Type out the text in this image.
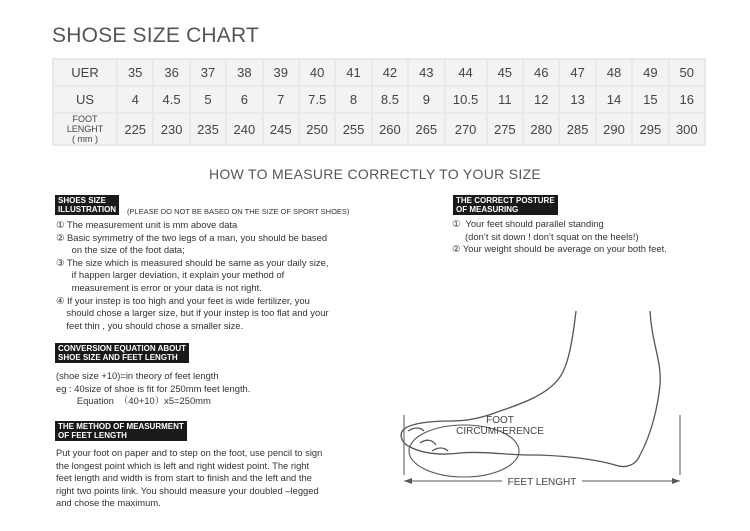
SHOSE SIZE CHART
UER	35	36	37	38	39	40	41	42	43	44	45	46	47	48	49	50

US	4	4.5	5	6	7	7.5	8	8.5	9	10.5	11	12	13	14	15	16

FOOT LENGHT
( mm )	225	230	235	240	245	250	255	260	265	270	275	280	285	290	295	300
HOW TO MEASURE CORRECTLY TO YOUR SIZE
SHOES SIZE
ILLUSTRATION (PLEASE DO NOT BE BASED ON THE SIZE OF SPORT SHOES)

① The measurement unit is mm above data

② Basic symmetry of the two legs of a man, you should be based

on the size of the foot data;

③ The size which is measured should be same as your daily size,

if happen larger deviation, it explain your method of

measurement is error or your data is not right.

④ If your instep is too high and your feet is wide fertilizer, you

should chose a larger size, but if your instep is too flat and your

feet thin , you should chose a smaller size.

CONVERSION EQUATION ABOUT
SHOE SIZE AND FEET LENGTH

(shoe size +10)=in theory of feet length

eg : 40size of shoe is fit for 250mm feet length.

Equation  （40+10）x5=250mm

THE METHOD OF MEASURMENT
OF FEET LENGTH

Put your foot on paper and to step on the foot, use pencil to sign

the longest point which is left and right widest point. The right

feet length and width is from start to finish and the left and the

right two points link. You should measure your doubled –legged

and chose the maximum.

THE CORRECT POSTURE
OF MEASURING

①  Your feet should parallel standing

(don’t sit down ! don’t squat on the heels!)

② Your weight should be average on your both feet.

FEET LENGHT
FOOT
CIRCUMFERENCE
